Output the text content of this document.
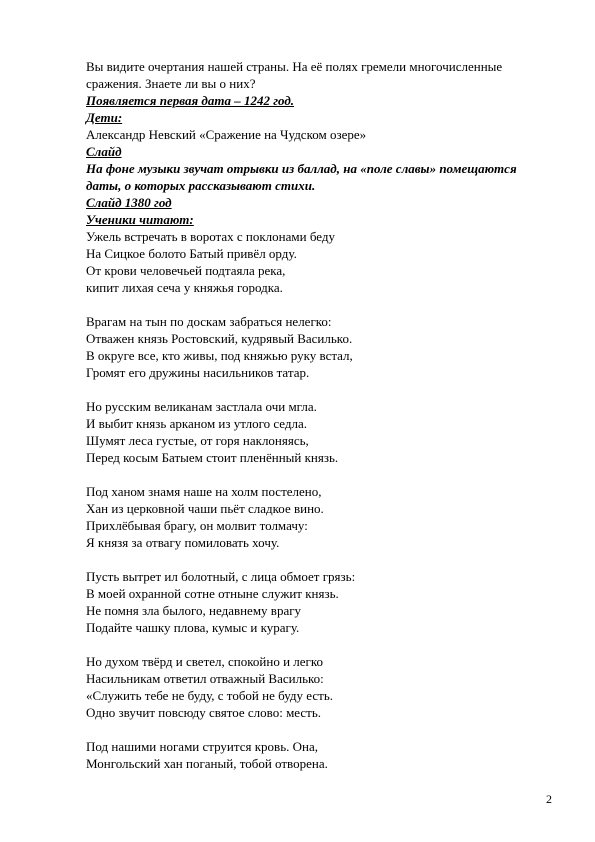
Вы видите очертания нашей страны. На её полях гремели многочисленные
сражения. Знаете ли вы о них?
Появляется первая дата – 1242 год.
Дети:
Александр Невский «Сражение на Чудском озере»
Слайд
На фоне музыки звучат отрывки из баллад, на «поле славы» помещаются
даты, о которых рассказывают стихи.
Слайд 1380 год
Ученики читают:
Ужель встречать в воротах с поклонами беду
На Сицкое болото Батый привёл орду.
От крови человечьей подтаяла река,
кипит лихая сеча у княжья городка.
Врагам на тын по доскам забраться нелегко:
Отважен князь Ростовский, кудрявый Василько.
В округе все, кто живы, под княжью руку встал,
Громят его дружины насильников татар.
Но русским великанам застлала очи мгла.
И выбит князь арканом из утлого седла.
Шумят леса густые, от горя наклоняясь,
Перед косым Батыем стоит пленённый князь.
Под ханом знамя наше на холм постелено,
Хан из церковной чаши пьёт сладкое вино.
Прихлёбывая брагу, он молвит толмачу:
Я князя за отвагу помиловать хочу.
Пусть вытрет ил болотный, с лица обмоет грязь:
В моей охранной сотне отныне служит князь.
Не помня зла былого, недавнему врагу
Подайте чашку плова, кумыс и курагу.
Но духом твёрд и светел, спокойно и легко
Насильникам ответил отважный Василько:
«Служить тебе не буду, с тобой не буду есть.
Одно звучит повсюду святое слово: месть.
Под нашими ногами струится кровь. Она,
Монгольский хан поганый, тобой отворена.
2
